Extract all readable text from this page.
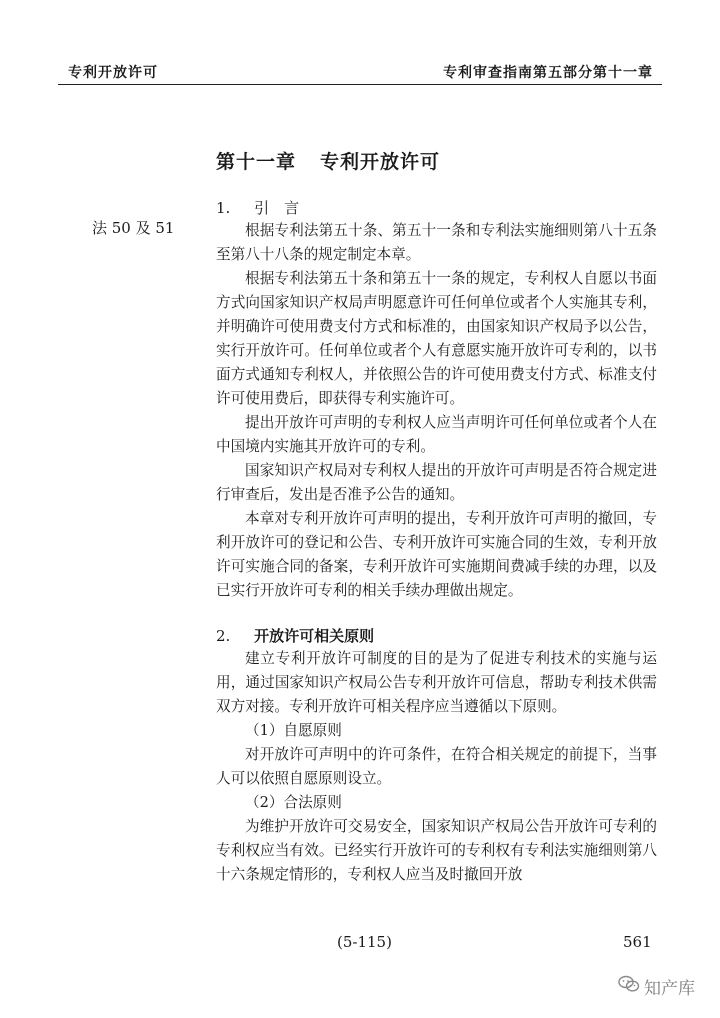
专利开放许可	专利审查指南第五部分第十一章
第十一章 专利开放许可
1. 引　言
法 50 及 51	根据专利法第五十条、第五十一条和专利法实施细则第八十五条至第八十八条的规定制定本章。

根据专利法第五十条和第五十一条的规定，专利权人自愿以书面方式向国家知识产权局声明愿意许可任何单位或者个人实施其专利，并明确许可使用费支付方式和标准的，由国家知识产权局予以公告，实行开放许可。任何单位或者个人有意愿实施开放许可专利的，以书面方式通知专利权人，并依照公告的许可使用费支付方式、标准支付许可使用费后，即获得专利实施许可。

提出开放许可声明的专利权人应当声明许可任何单位或者个人在中国境内实施其开放许可的专利。

国家知识产权局对专利权人提出的开放许可声明是否符合规定进行审查后，发出是否准予公告的通知。

本章对专利开放许可声明的提出，专利开放许可声明的撤回，专利开放许可的登记和公告、专利开放许可实施合同的生效，专利开放许可实施合同的备案，专利开放许可实施期间费减手续的办理，以及已实行开放许可专利的相关手续办理做出规定。

2. 开放许可相关原则

建立专利开放许可制度的目的是为了促进专利技术的实施与运用，通过国家知识产权局公告专利开放许可信息，帮助专利技术供需双方对接。专利开放许可相关程序应当遵循以下原则。

（1）自愿原则

对开放许可声明中的许可条件，在符合相关规定的前提下，当事人可以依照自愿原则设立。

（2）合法原则

为维护开放许可交易安全，国家知识产权局公告开放许可专利的专利权应当有效。已经实行开放许可的专利权有专利法实施细则第八十六条规定情形的，专利权人应当及时撤回开放

(5-115)	561
知产库
